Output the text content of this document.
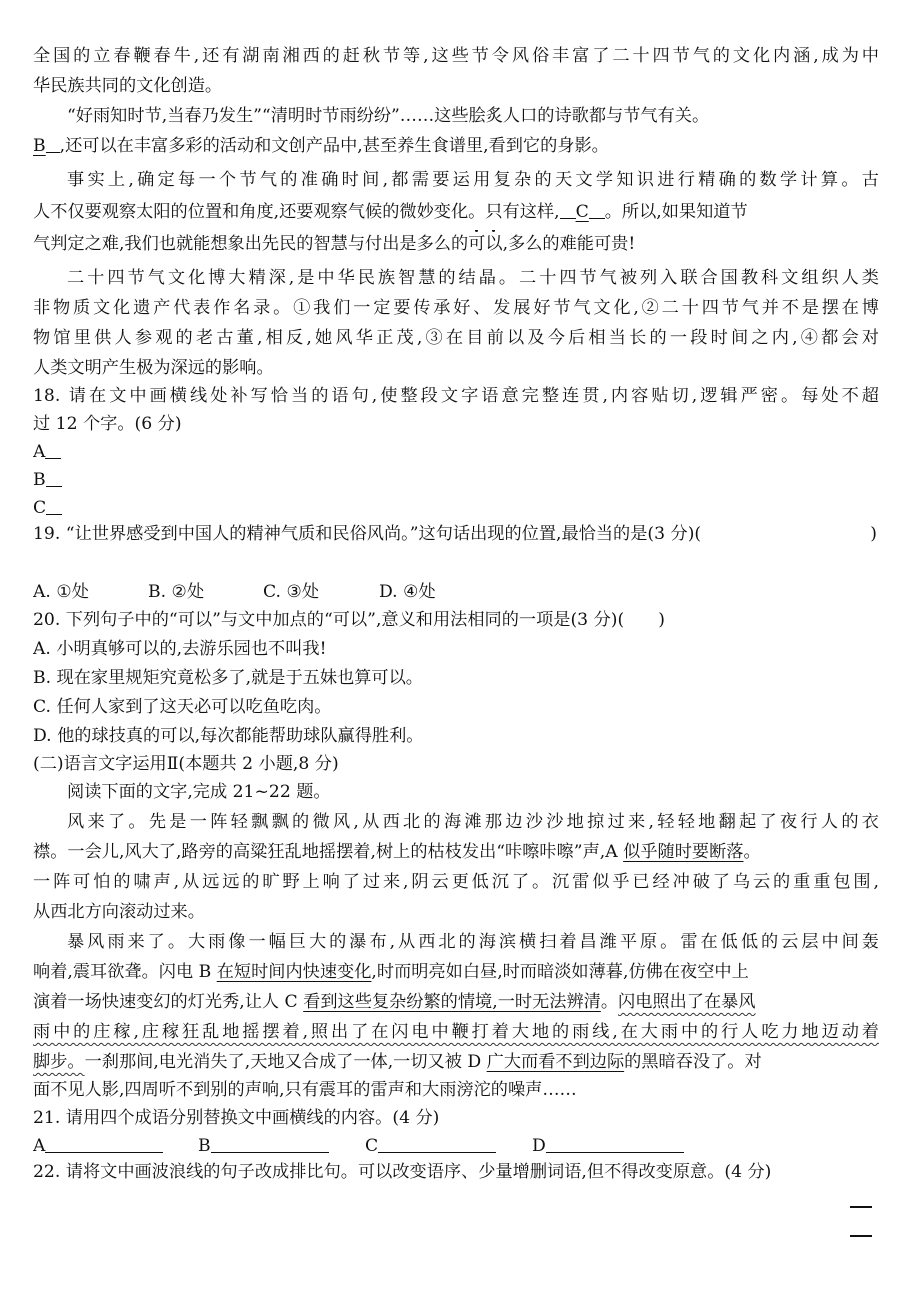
全国的立春鞭春牛,还有湖南湘西的赶秋节等,这些节令风俗丰富了二十四节气的文化内涵,成为中
华民族共同的文化创造。
“好雨知时节,当春乃发生”“清明时节雨纷纷”……这些脍炙人口的诗歌都与节气有关。
B ,还可以在丰富多彩的活动和文创产品中,甚至养生食谱里,看到它的身影。
事实上,确定每一个节气的准确时间,都需要运用复杂的天文学知识进行精确的数学计算。古
人不仅要观察太阳的位置和角度,还要观察气候的微妙变化。只有这样, C 。所以,如果知道节
气判定之难,我们也就能想象出先民的智慧与付出是多么的可以,多么的难能可贵!
二十四节气文化博大精深,是中华民族智慧的结晶。二十四节气被列入联合国教科文组织人类
非物质文化遗产代表作名录。①我们一定要传承好、发展好节气文化,②二十四节气并不是摆在博
物馆里供人参观的老古董,相反,她风华正茂,③在目前以及今后相当长的一段时间之内,④都会对
人类文明产生极为深远的影响。
18. 请在文中画横线处补写恰当的语句,使整段文字语意完整连贯,内容贴切,逻辑严密。每处不超
过 12 个字。(6 分)
A
B
C
19. “让世界感受到中国人的精神气质和民俗风尚。”这句话出现的位置,最恰当的是(3 分)(	)
A. ①处	B. ②处	C. ③处	D. ④处
20. 下列句子中的“可以”与文中加点的“可以”,意义和用法相同的一项是(3 分)( )
A. 小明真够可以的,去游乐园也不叫我!
B. 现在家里规矩究竟松多了,就是于五妹也算可以。
C. 任何人家到了这天必可以吃鱼吃肉。
D. 他的球技真的可以,每次都能帮助球队赢得胜利。
(二)语言文字运用Ⅱ(本题共 2 小题,8 分)
阅读下面的文字,完成 21~22 题。
风来了。先是一阵轻飘飘的微风,从西北的海滩那边沙沙地掠过来,轻轻地翻起了夜行人的衣
襟。一会儿,风大了,路旁的高粱狂乱地摇摆着,树上的枯枝发出“咔嚓咔嚓”声,A 似乎随时要断落。
一阵可怕的啸声,从远远的旷野上响了过来,阴云更低沉了。沉雷似乎已经冲破了乌云的重重包围,
从西北方向滚动过来。
暴风雨来了。大雨像一幅巨大的瀑布,从西北的海滨横扫着昌潍平原。雷在低低的云层中间轰
响着,震耳欲聋。闪电 B 在短时间内快速变化,时而明亮如白昼,时而暗淡如薄暮,仿佛在夜空中上
演着一场快速变幻的灯光秀,让人 C 看到这些复杂纷繁的情境,一时无法辨清。闪电照出了在暴风
雨中的庄稼,庄稼狂乱地摇摆着,照出了在闪电中鞭打着大地的雨线,在大雨中的行人吃力地迈动着
脚步。一刹那间,电光消失了,天地又合成了一体,一切又被 D 广大而看不到边际的黑暗吞没了。对
面不见人影,四周听不到别的声响,只有震耳的雷声和大雨滂沱的噪声……
21. 请用四个成语分别替换文中画横线的内容。(4 分)
A	B	C	D
22. 请将文中画波浪线的句子改成排比句。可以改变语序、少量增删词语,但不得改变原意。(4 分)
